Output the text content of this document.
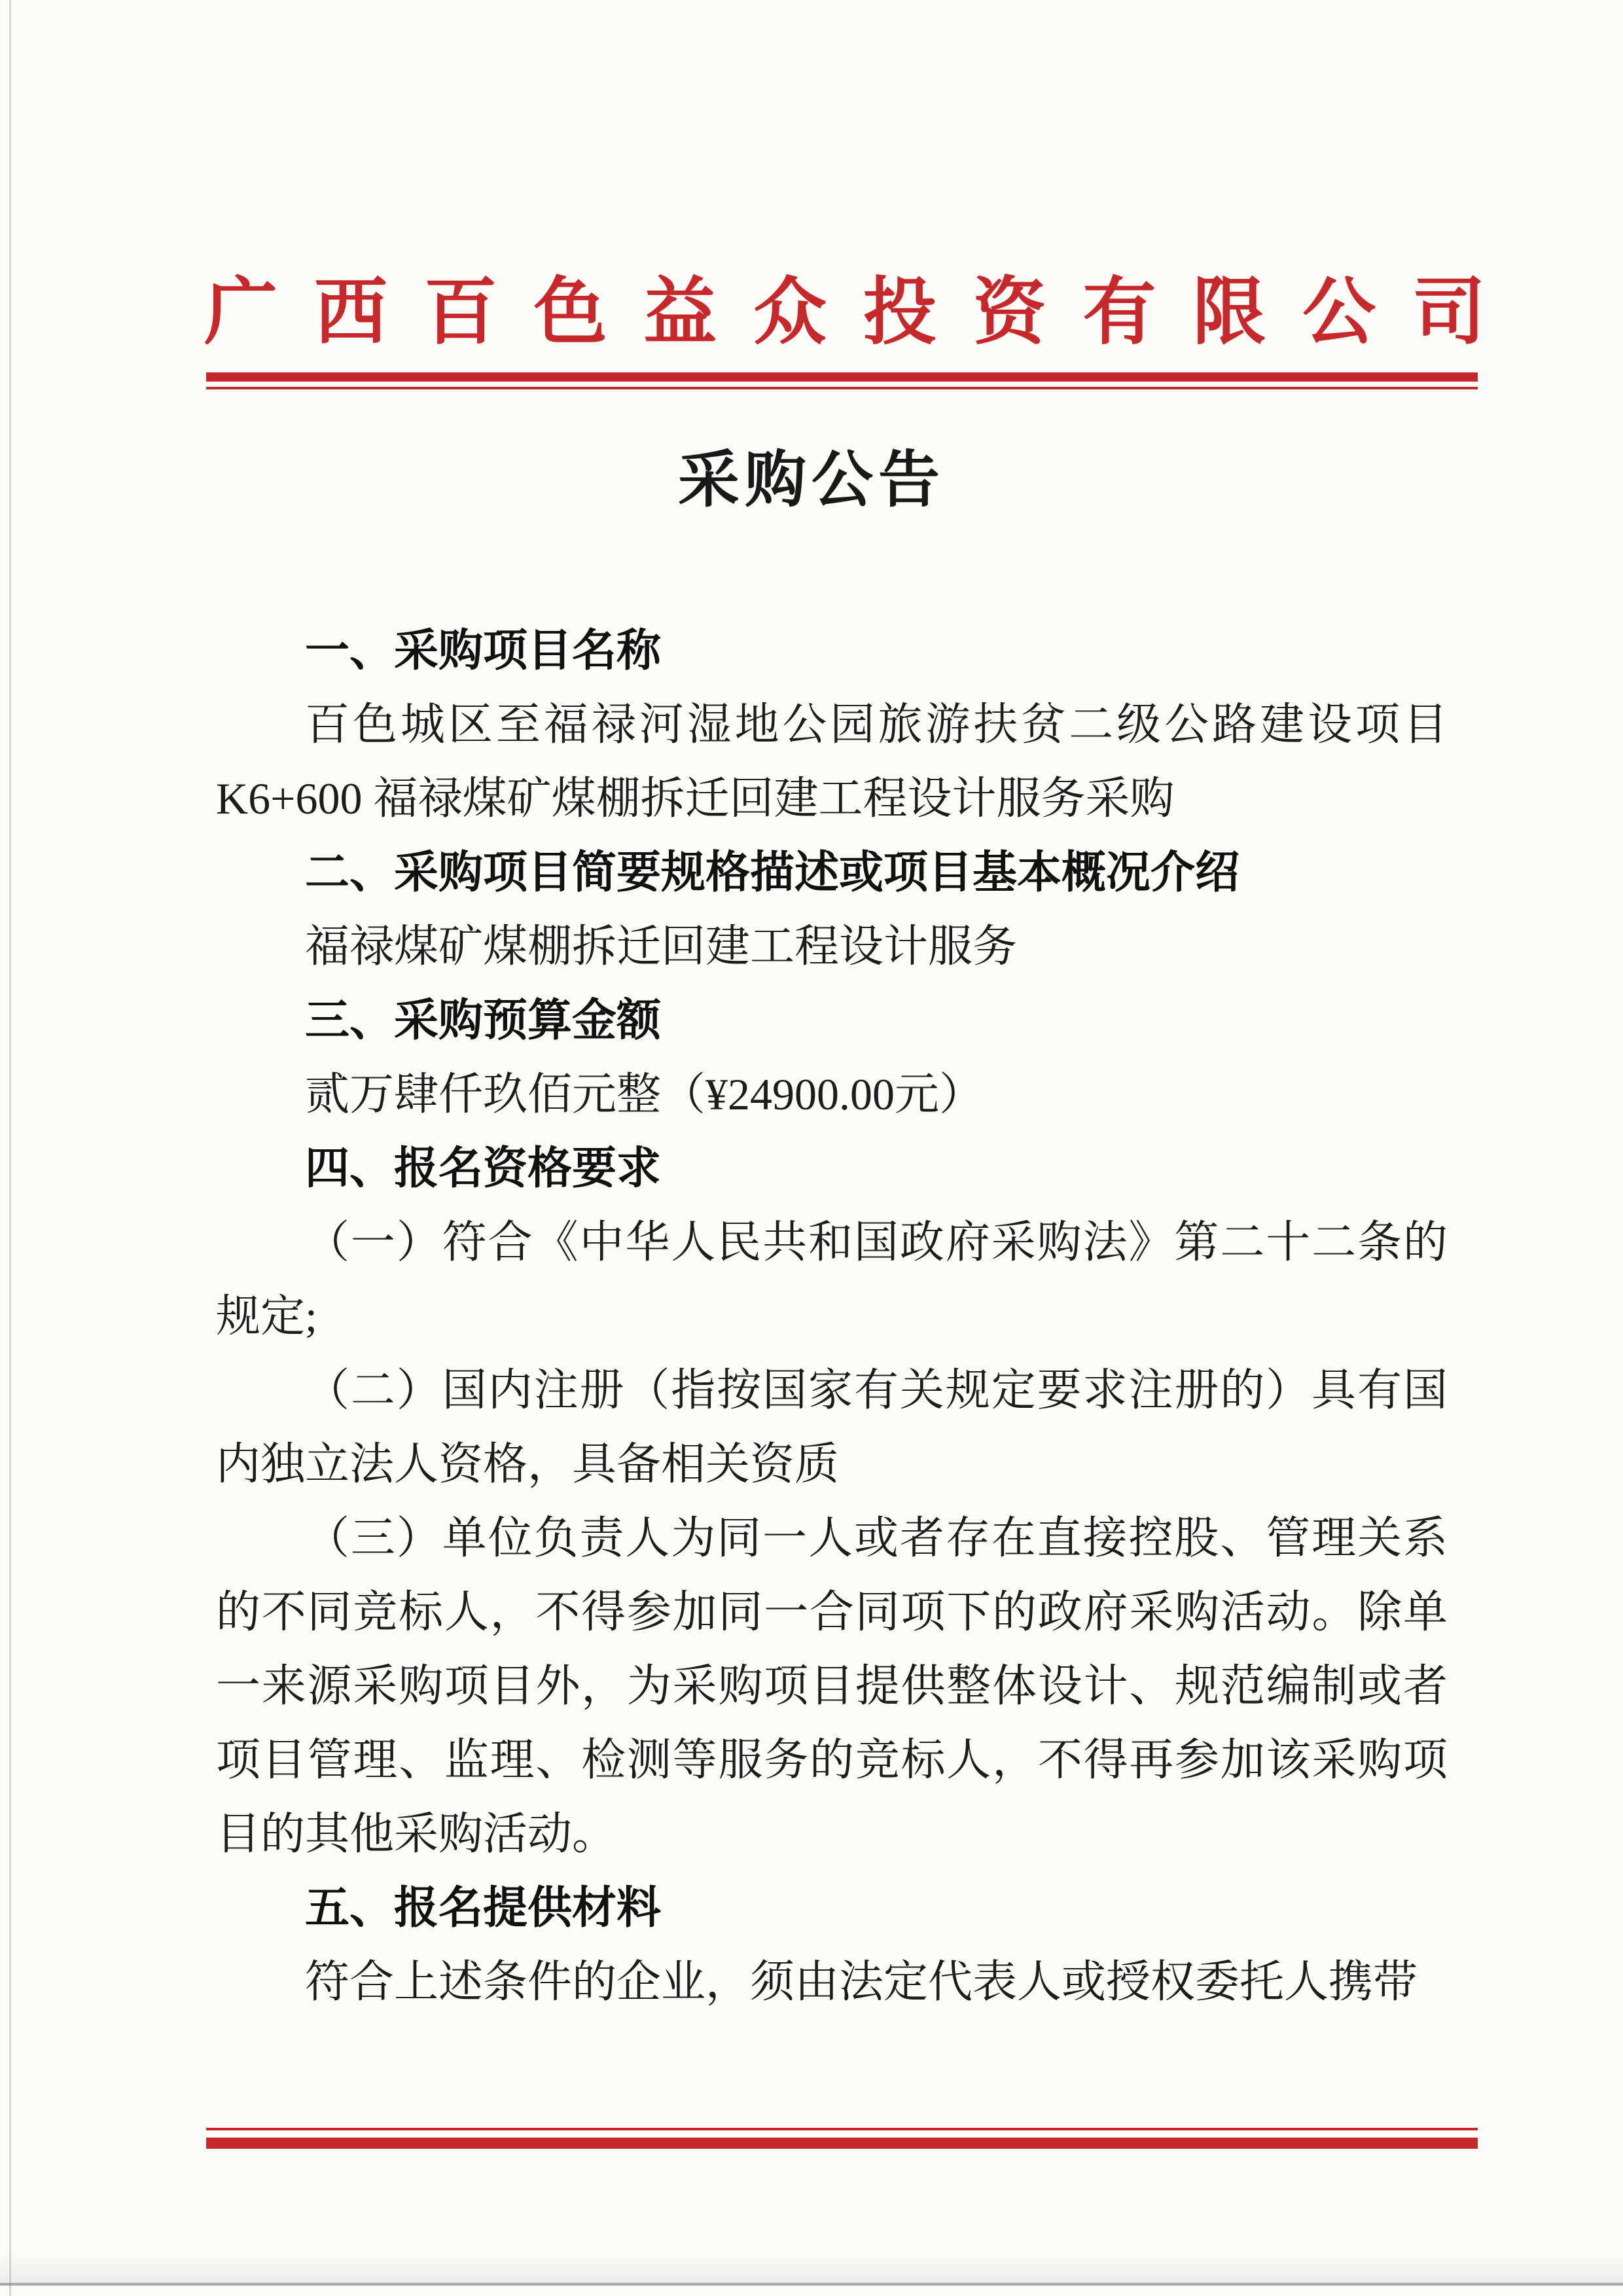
广 西 百 色 益 众 投 资 有 限 公 司
采购公告

一、采购项目名称

百色城区至福禄河湿地公园旅游扶贫二级公路建设项目K6+600 福禄煤矿煤棚拆迁回建工程设计服务采购

二、采购项目简要规格描述或项目基本概况介绍

福禄煤矿煤棚拆迁回建工程设计服务

三、采购预算金额

贰万肆仟玖佰元整（¥24900.00元）

四、报名资格要求

（一）符合《中华人民共和国政府采购法》第二十二条的规定;

（二）国内注册（指按国家有关规定要求注册的）具有国内独立法人资格，具备相关资质

（三）单位负责人为同一人或者存在直接控股、管理关系的不同竞标人，不得参加同一合同项下的政府采购活动。除单一来源采购项目外，为采购项目提供整体设计、规范编制或者项目管理、监理、检测等服务的竞标人，不得再参加该采购项目的其他采购活动。

五、报名提供材料

符合上述条件的企业，须由法定代表人或授权委托人携带
